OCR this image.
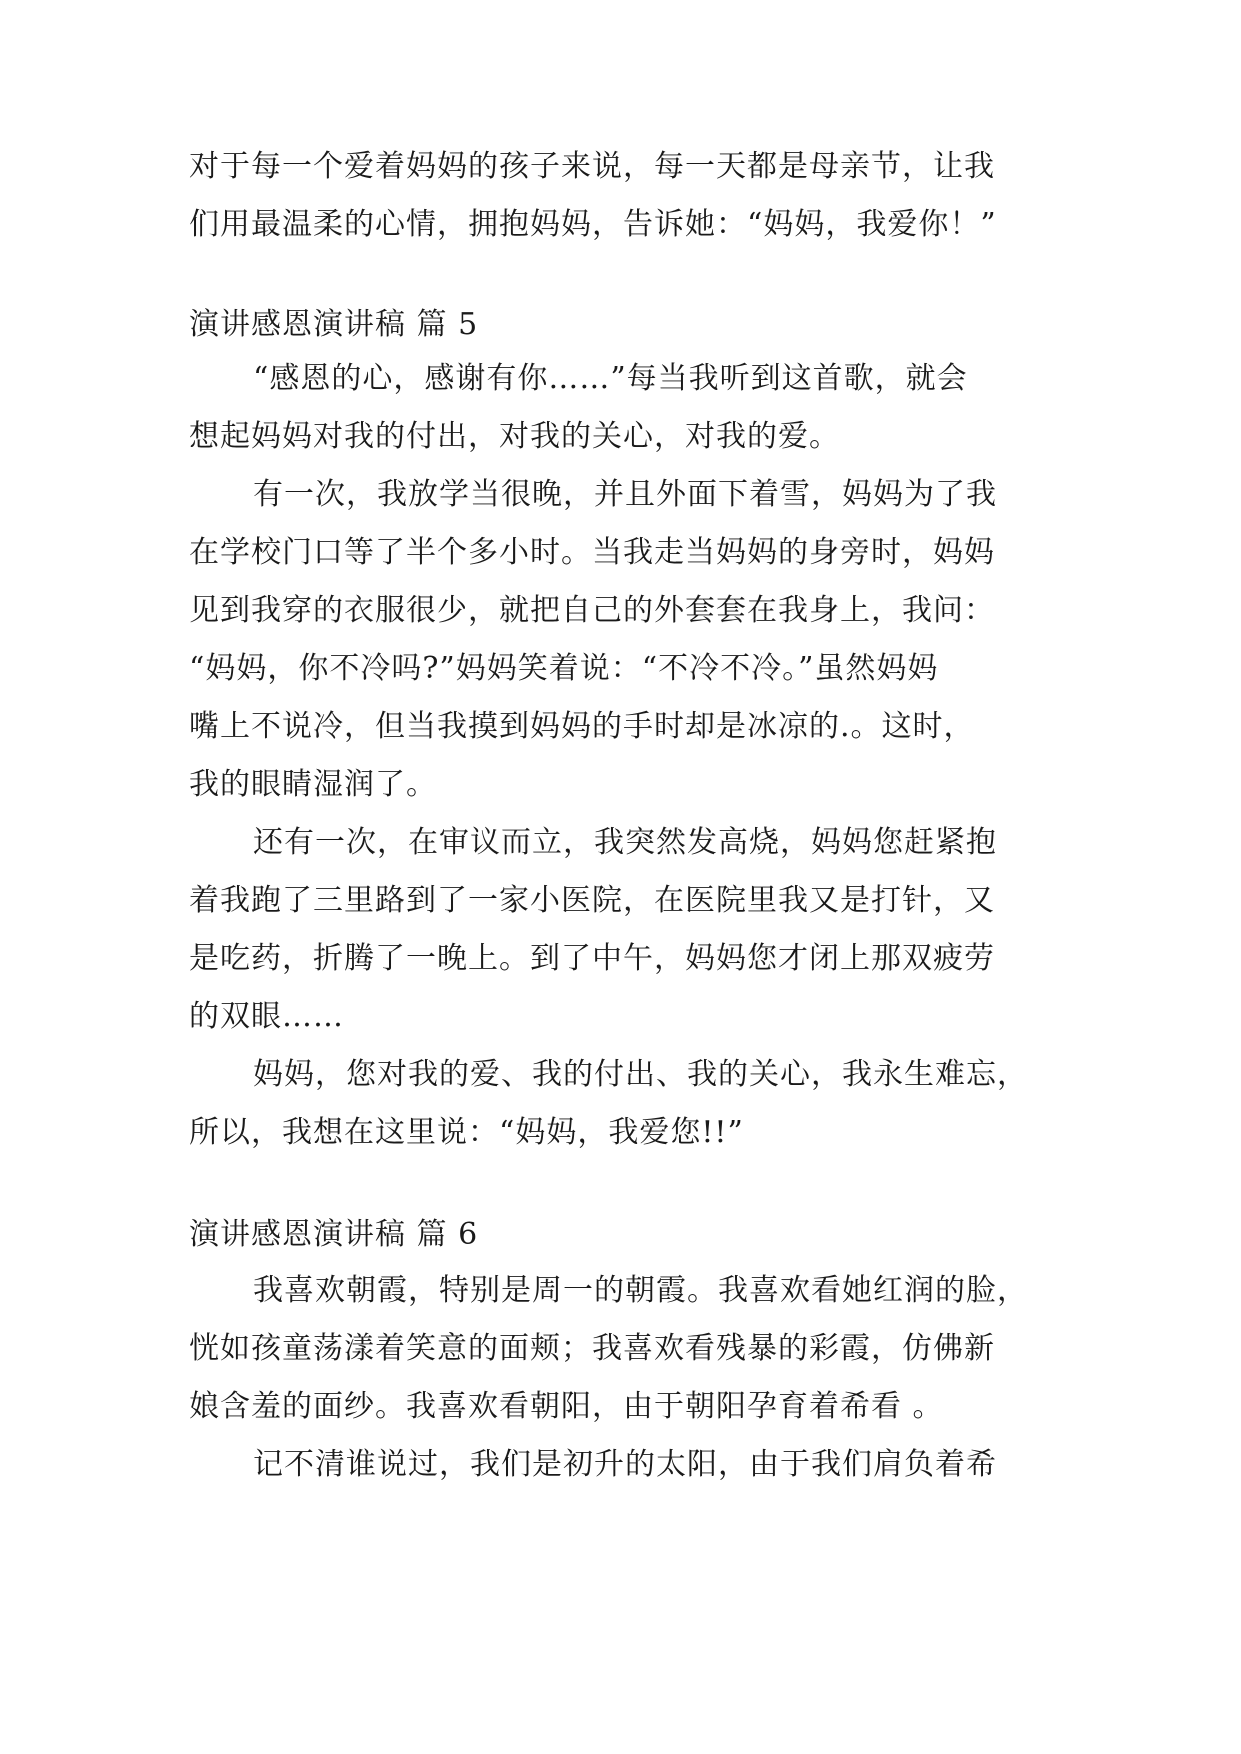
对于每一个爱着妈妈的孩子来说，每一天都是母亲节，让我
们用最温柔的心情，拥抱妈妈，告诉她：“妈妈，我爱你！”
演讲感恩演讲稿 篇 5
“感恩的心，感谢有你……”每当我听到这首歌，就会
想起妈妈对我的付出，对我的关心，对我的爱。
有一次，我放学当很晚，并且外面下着雪，妈妈为了我
在学校门口等了半个多小时。当我走当妈妈的身旁时，妈妈
见到我穿的衣服很少，就把自己的外套套在我身上，我问：
“妈妈，你不冷吗?”妈妈笑着说：“不冷不冷。”虽然妈妈
嘴上不说冷，但当我摸到妈妈的手时却是冰凉的.。这时，
我的眼睛湿润了。
还有一次，在审议而立，我突然发高烧，妈妈您赶紧抱
着我跑了三里路到了一家小医院，在医院里我又是打针，又
是吃药，折腾了一晚上。到了中午，妈妈您才闭上那双疲劳
的双眼……
妈妈，您对我的爱、我的付出、我的关心，我永生难忘，
所以，我想在这里说：“妈妈，我爱您!!”
演讲感恩演讲稿 篇 6
我喜欢朝霞，特别是周一的朝霞。我喜欢看她红润的脸，
恍如孩童荡漾着笑意的面颊；我喜欢看残暴的彩霞，仿佛新
娘含羞的面纱。我喜欢看朝阳，由于朝阳孕育着希看 。
记不清谁说过，我们是初升的太阳，由于我们肩负着希
